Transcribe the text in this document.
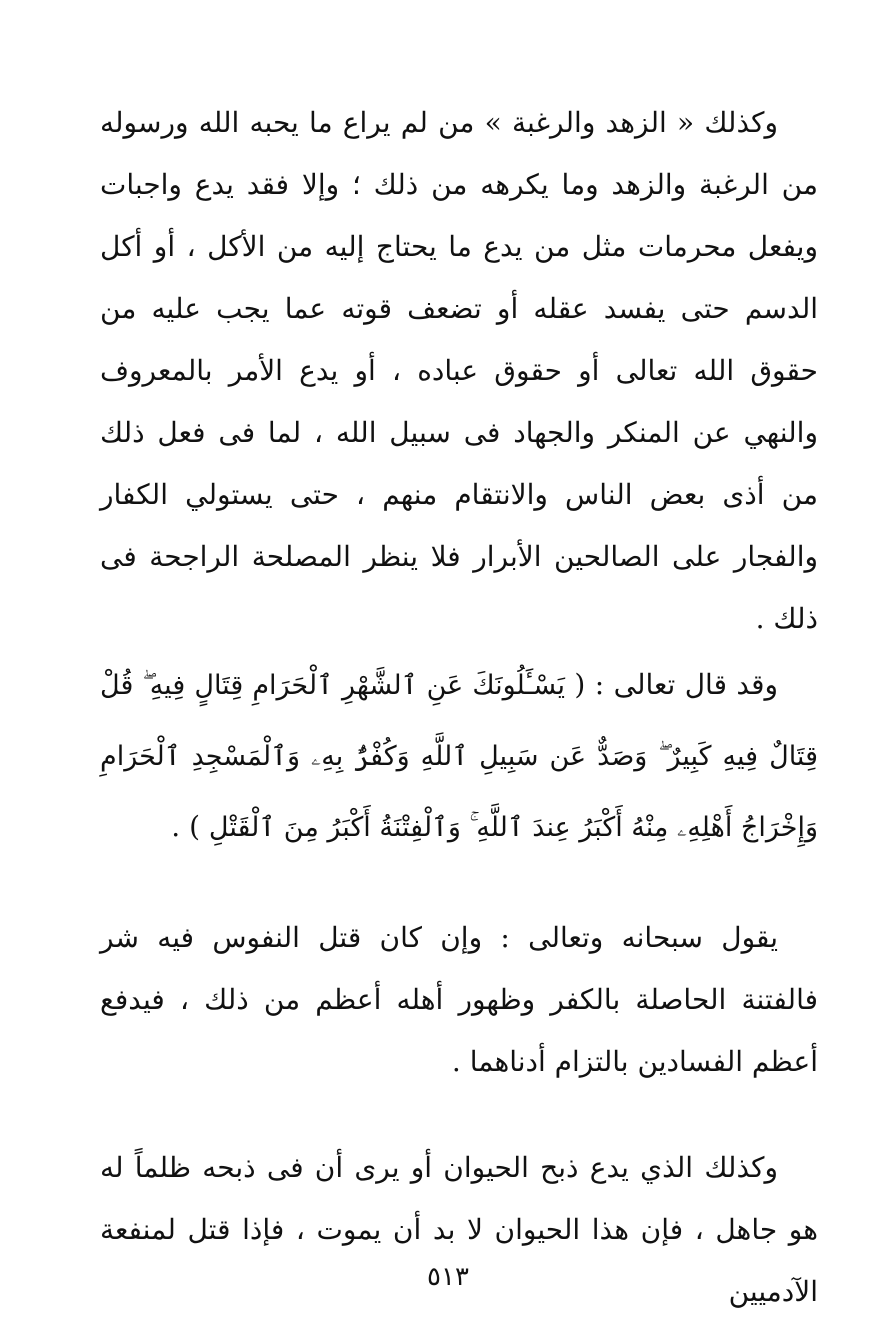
وكذلك « الزهد والرغبة » من لم يراع ما يحبه الله ورسوله من الرغبة والزهد وما يكرهه من ذلك ؛ وإلا فقد يدع واجبات ويفعل محرمات مثل من يدع ما يحتاج إليه من الأكل ، أو أكل الدسم حتى يفسد عقله أو تضعف قوته عما يجب عليه من حقوق الله تعالى أو حقوق عباده ، أو يدع الأمر بالمعروف والنهي عن المنكر والجهاد فى سبيل الله ، لما فى فعل ذلك من أذى بعض الناس والانتقام منهم ، حتى يستولي الكفار والفجار على الصالحين الأبرار فلا ينظر المصلحة الراجحة فى ذلك .

وقد قال تعالى : ( يَسْـَٔلُونَكَ عَنِ ٱلشَّهْرِ ٱلْحَرَامِ قِتَالٍ فِيهِ ۖ قُلْ قِتَالٌ فِيهِ كَبِيرٌ ۖ وَصَدٌّ عَن سَبِيلِ ٱللَّهِ وَكُفْرٌۢ بِهِۦ وَٱلْمَسْجِدِ ٱلْحَرَامِ وَإِخْرَاجُ أَهْلِهِۦ مِنْهُ أَكْبَرُ عِندَ ٱللَّهِ ۚ وَٱلْفِتْنَةُ أَكْبَرُ مِنَ ٱلْقَتْلِ ) .

يقول سبحانه وتعالى : وإن كان قتل النفوس فيه شر فالفتنة الحاصلة بالكفر وظهور أهله أعظم من ذلك ، فيدفع أعظم الفسادين بالتزام أدناهما .

وكذلك الذي يدع ذبح الحيوان أو يرى أن فى ذبحه ظلماً له هو جاهل ، فإن هذا الحيوان لا بد أن يموت ، فإذا قتل لمنفعة الآدميين

٥١٣
